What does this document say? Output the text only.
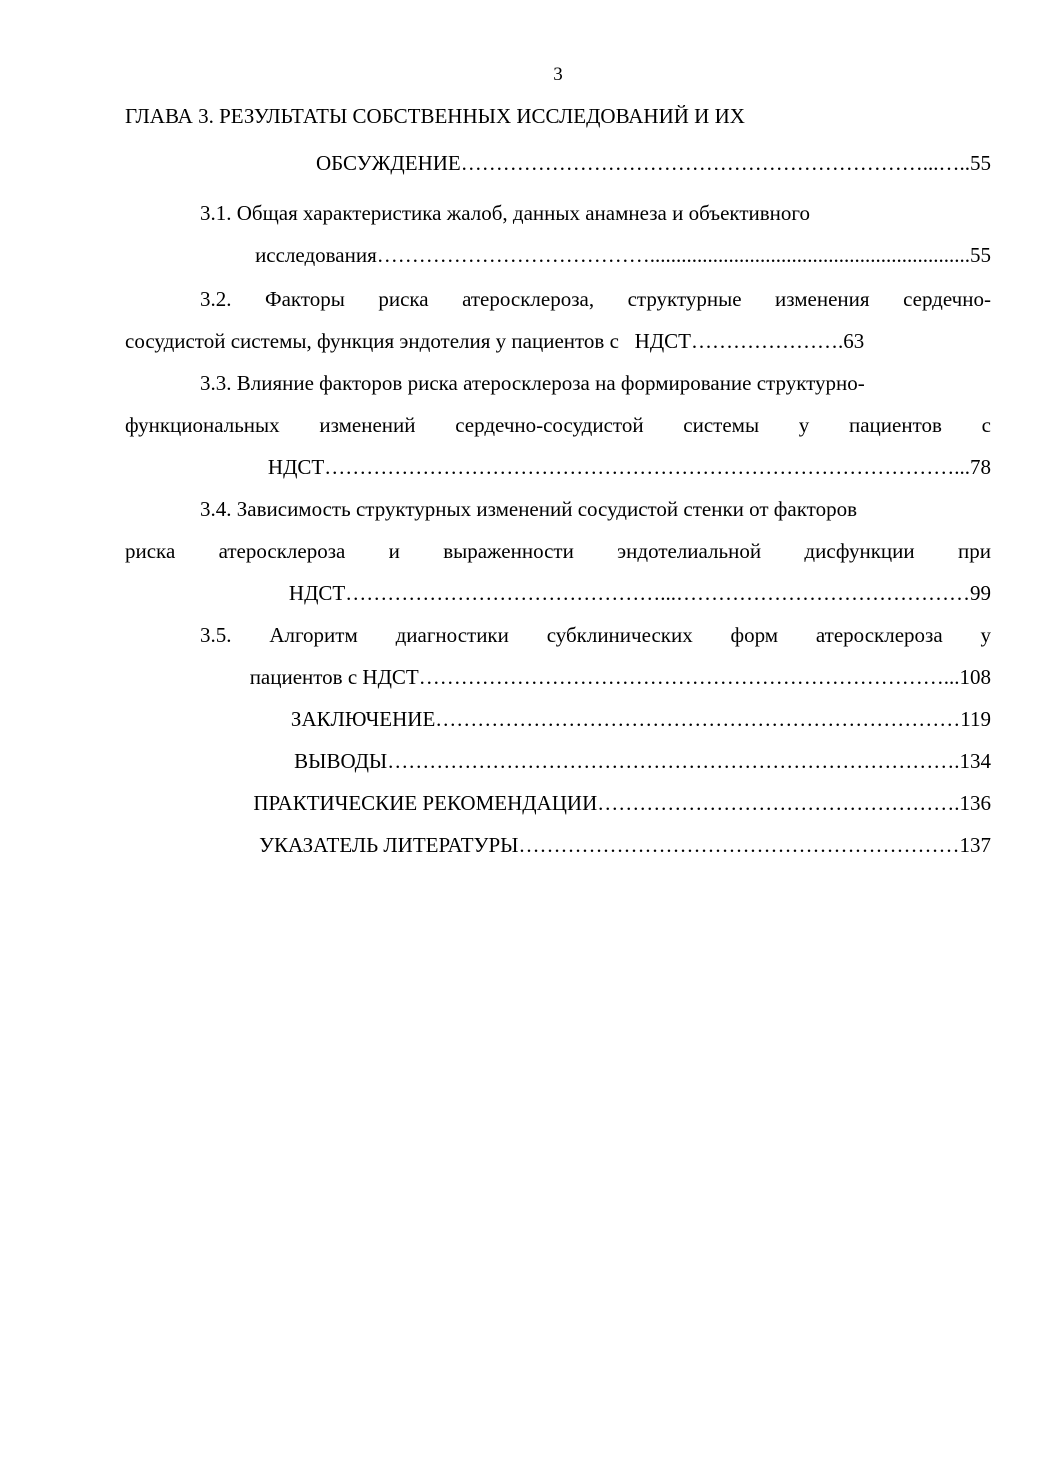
3
ГЛАВА 3. РЕЗУЛЬТАТЫ СОБСТВЕННЫХ ИССЛЕДОВАНИЙ И ИХ
ОБСУЖДЕНИЕ…………………………………………………………...…..55
3.1. Общая характеристика жалоб, данных анамнеза и объективного
исследования………………………………….............................................................55
3.2. Факторы риска атеросклероза, структурные изменения сердечно-
сосудистой системы, функция эндотелия у пациентов с   НДСТ………………….63
3.3. Влияние факторов риска атеросклероза на формирование структурно-
функциональных изменений сердечно-сосудистой системы у пациентов с
НДСТ………………………………………………………………………………...78
3.4. Зависимость структурных изменений сосудистой стенки от факторов
риска атеросклероза и выраженности эндотелиальной дисфункции при
НДСТ………………………………………...……………………………………99
3.5. Алгоритм диагностики субклинических форм атеросклероза у
пациентов с НДСТ…………………………………………………………………...108
ЗАКЛЮЧЕНИЕ…………………………………………………………………119
ВЫВОДЫ……………………………………………………………………….134
ПРАКТИЧЕСКИЕ РЕКОМЕНДАЦИИ…………………………………………….136
УКАЗАТЕЛЬ ЛИТЕРАТУРЫ………………………………………………………137
